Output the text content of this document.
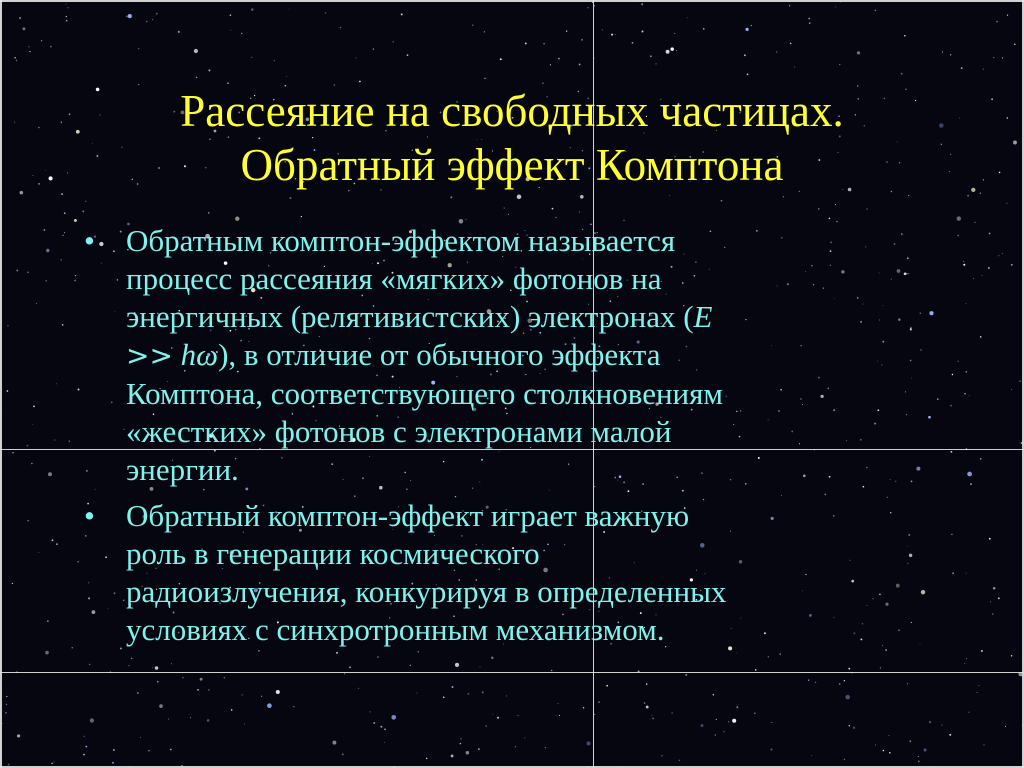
Рассеяние на свободных частицах.
Обратный эффект Комптона
• Обратным комптон-эффектом называется
процесс рассеяния «мягких» фотонов на
энергичных (релятивистских) электронах (E
>> hω), в отличие от обычного эффекта
Комптона, соответствующего столкновениям
«жестких» фотонов с электронами малой
энергии.
• Обратный комптон-эффект играет важную
роль в генерации космического
радиоизлучения, конкурируя в определенных
условиях с синхротронным механизмом.
